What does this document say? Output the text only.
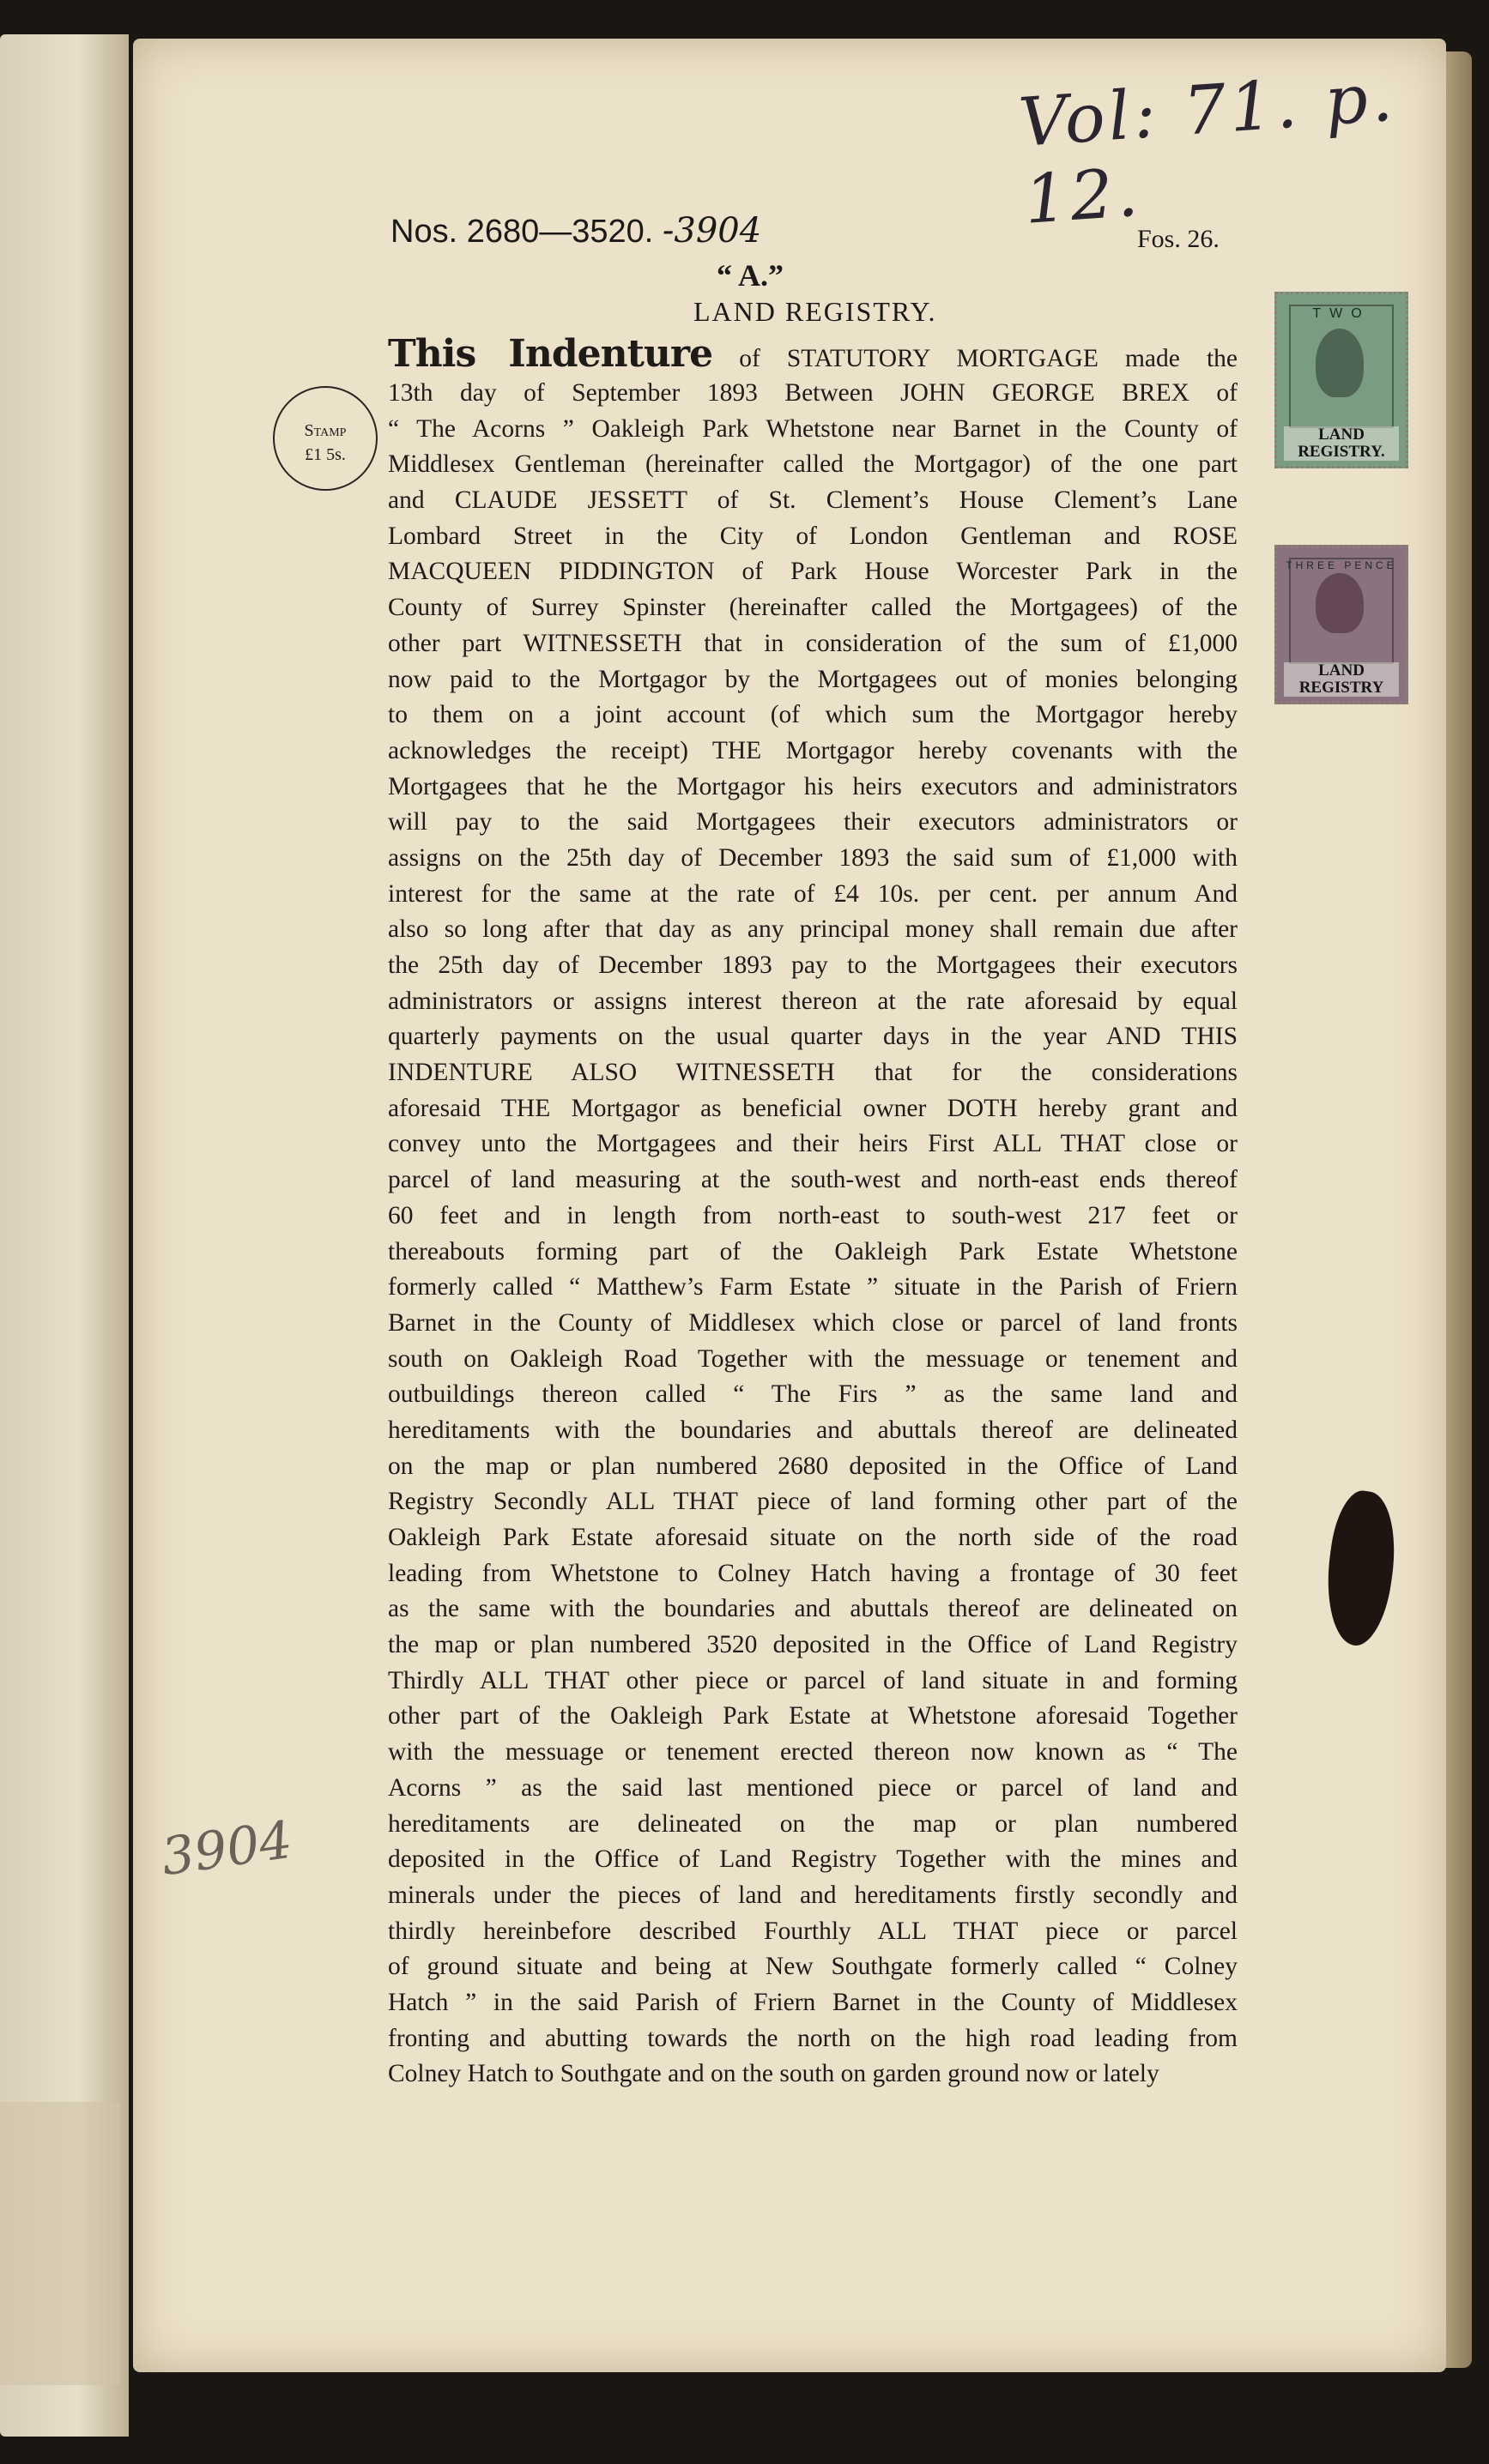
Vol: 71. p. 12.
Nos. 2680—3520. -3904	Fos. 26.
“ A.”
LAND REGISTRY.
Stamp
£1 5s.
TWO
LAND REGISTRY.
THREE PENCE
LAND REGISTRY
3904
This Indenture of STATUTORY MORTGAGE made the
13th day of September 1893 Between JOHN GEORGE BREX of
“ The Acorns ” Oakleigh Park Whetstone near Barnet in the County of
Middlesex Gentleman (hereinafter called the Mortgagor) of the one part
and CLAUDE JESSETT of St. Clement’s House Clement’s Lane
Lombard Street in the City of London Gentleman and ROSE
MACQUEEN PIDDINGTON of Park House Worcester Park in the
County of Surrey Spinster (hereinafter called the Mortgagees) of the
other part WITNESSETH that in consideration of the sum of £1,000
now paid to the Mortgagor by the Mortgagees out of monies belonging
to them on a joint account (of which sum the Mortgagor hereby
acknowledges the receipt) THE Mortgagor hereby covenants with the
Mortgagees that he the Mortgagor his heirs executors and administrators
will pay to the said Mortgagees their executors administrators or
assigns on the 25th day of December 1893 the said sum of £1,000 with
interest for the same at the rate of £4 10s. per cent. per annum And
also so long after that day as any principal money shall remain due after
the 25th day of December 1893 pay to the Mortgagees their executors
administrators or assigns interest thereon at the rate aforesaid by equal
quarterly payments on the usual quarter days in the year AND THIS
INDENTURE ALSO WITNESSETH that for the considerations
aforesaid THE Mortgagor as beneficial owner DOTH hereby grant and
convey unto the Mortgagees and their heirs First ALL THAT close or
parcel of land measuring at the south-west and north-east ends thereof
60 feet and in length from north-east to south-west 217 feet or
thereabouts forming part of the Oakleigh Park Estate Whetstone
formerly called “ Matthew’s Farm Estate ” situate in the Parish of Friern
Barnet in the County of Middlesex which close or parcel of land fronts
south on Oakleigh Road Together with the messuage or tenement and
outbuildings thereon called “ The Firs ” as the same land and
hereditaments with the boundaries and abuttals thereof are delineated
on the map or plan numbered 2680 deposited in the Office of Land
Registry Secondly ALL THAT piece of land forming other part of the
Oakleigh Park Estate aforesaid situate on the north side of the road
leading from Whetstone to Colney Hatch having a frontage of 30 feet
as the same with the boundaries and abuttals thereof are delineated on
the map or plan numbered 3520 deposited in the Office of Land Registry
Thirdly ALL THAT other piece or parcel of land situate in and forming
other part of the Oakleigh Park Estate at Whetstone aforesaid Together
with the messuage or tenement erected thereon now known as “ The
Acorns ” as the said last mentioned piece or parcel of land and
hereditaments are delineated on the map or plan numbered
deposited in the Office of Land Registry Together with the mines and
minerals under the pieces of land and hereditaments firstly secondly and
thirdly hereinbefore described Fourthly ALL THAT piece or parcel
of ground situate and being at New Southgate formerly called “ Colney
Hatch ” in the said Parish of Friern Barnet in the County of Middlesex
fronting and abutting towards the north on the high road leading from
Colney Hatch to Southgate and on the south on garden ground now or lately
